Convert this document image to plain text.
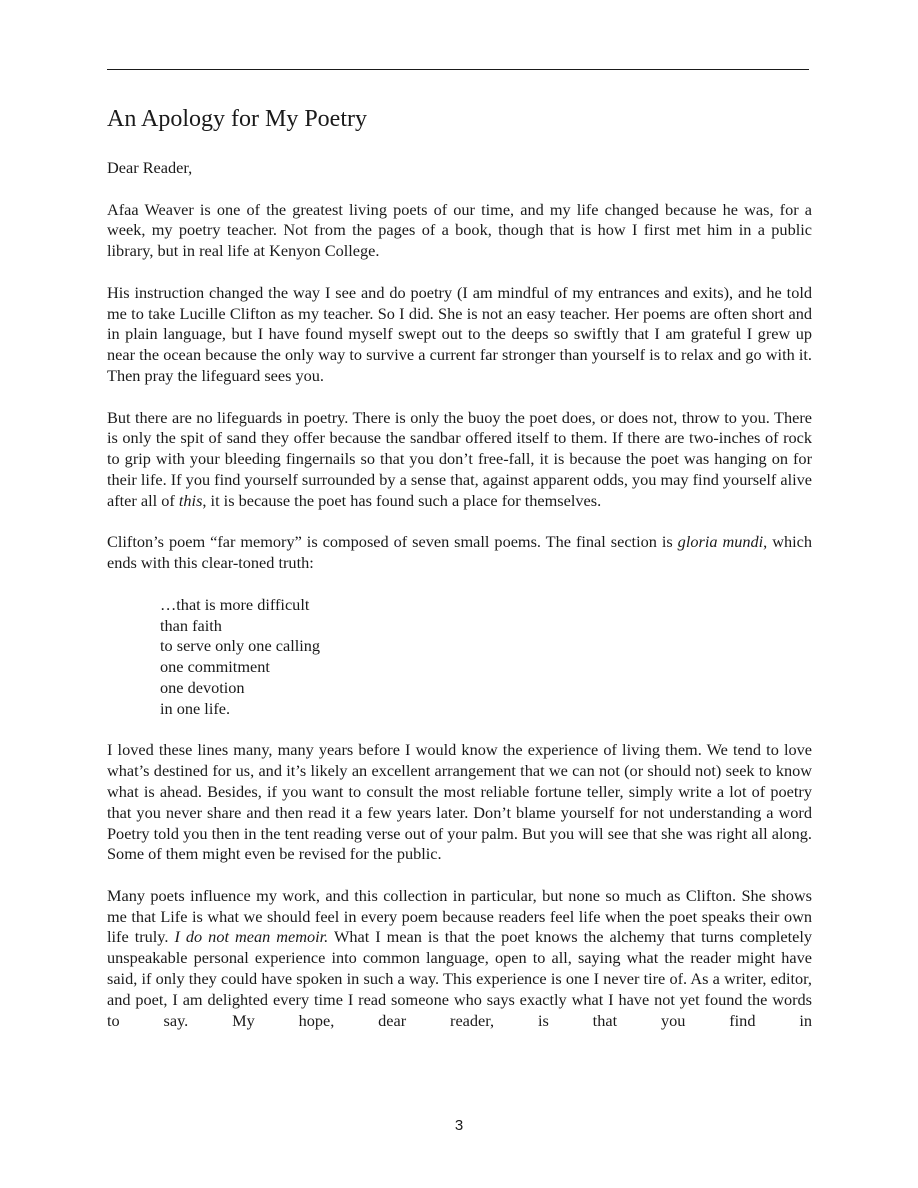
An Apology for My Poetry

Dear Reader,

Afaa Weaver is one of the greatest living poets of our time, and my life changed because he was, for a week, my poetry teacher. Not from the pages of a book, though that is how I first met him in a public library, but in real life at Kenyon College.

His instruction changed the way I see and do poetry (I am mindful of my entrances and exits), and he told me to take Lucille Clifton as my teacher. So I did. She is not an easy teacher. Her poems are often short and in plain language, but I have found myself swept out to the deeps so swiftly that I am grateful I grew up near the ocean because the only way to survive a current far stronger than yourself is to relax and go with it. Then pray the lifeguard sees you.

But there are no lifeguards in poetry. There is only the buoy the poet does, or does not, throw to you. There is only the spit of sand they offer because the sandbar offered itself to them. If there are two-inches of rock to grip with your bleeding fingernails so that you don’t free-fall, it is because the poet was hanging on for their life. If you find yourself surrounded by a sense that, against apparent odds, you may find yourself alive after all of this, it is because the poet has found such a place for themselves.

Clifton’s poem “far memory” is composed of seven small poems. The final section is gloria mundi, which ends with this clear-toned truth:

…that is more difficult
than faith
to serve only one calling
one commitment
one devotion
in one life.

I loved these lines many, many years before I would know the experience of living them. We tend to love what’s destined for us, and it’s likely an excellent arrangement that we can not (or should not) seek to know what is ahead. Besides, if you want to consult the most reliable fortune teller, simply write a lot of poetry that you never share and then read it a few years later. Don’t blame yourself for not understanding a word Poetry told you then in the tent reading verse out of your palm. But you will see that she was right all along. Some of them might even be revised for the public.

Many poets influence my work, and this collection in particular, but none so much as Clifton. She shows me that Life is what we should feel in every poem because readers feel life when the poet speaks their own life truly. I do not mean memoir. What I mean is that the poet knows the alchemy that turns completely unspeakable personal experience into common language, open to all, saying what the reader might have said, if only they could have spoken in such a way. This experience is one I never tire of. As a writer, editor, and poet, I am delighted every time I read someone who says exactly what I have not yet found the words to say. My hope, dear reader, is that you find in

3
